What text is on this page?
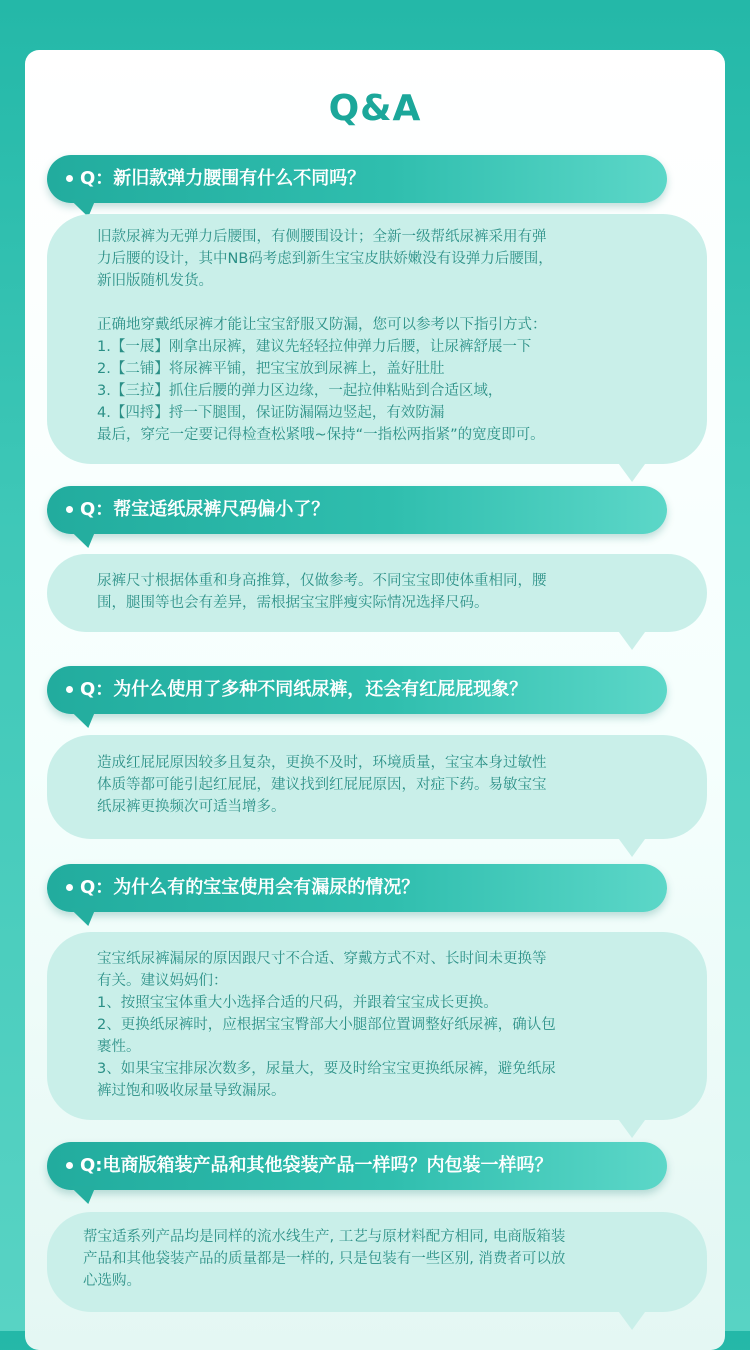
Q&A
Q：新旧款弹力腰围有什么不同吗？

旧款尿裤为无弹力后腰围，有侧腰围设计；全新一级帮纸尿裤采用有弹

力后腰的设计，其中NB码考虑到新生宝宝皮肤娇嫩没有设弹力后腰围，

新旧版随机发货。

正确地穿戴纸尿裤才能让宝宝舒服又防漏，您可以参考以下指引方式：

1.【一展】刚拿出尿裤，建议先轻轻拉伸弹力后腰，让尿裤舒展一下

2.【二铺】将尿裤平铺，把宝宝放到尿裤上，盖好肚肚

3.【三拉】抓住后腰的弹力区边缘，一起拉伸粘贴到合适区域，

4.【四捋】捋一下腿围，保证防漏隔边竖起，有效防漏

最后，穿完一定要记得检查松紧哦~保持“一指松两指紧”的宽度即可。

Q：帮宝适纸尿裤尺码偏小了？

尿裤尺寸根据体重和身高推算，仅做参考。不同宝宝即使体重相同，腰

围，腿围等也会有差异，需根据宝宝胖瘦实际情况选择尺码。

Q：为什么使用了多种不同纸尿裤，还会有红屁屁现象？

造成红屁屁原因较多且复杂，更换不及时，环境质量，宝宝本身过敏性

体质等都可能引起红屁屁，建议找到红屁屁原因，对症下药。易敏宝宝

纸尿裤更换频次可适当增多。

Q：为什么有的宝宝使用会有漏尿的情况？

宝宝纸尿裤漏尿的原因跟尺寸不合适、穿戴方式不对、长时间未更换等

有关。建议妈妈们：

1、按照宝宝体重大小选择合适的尺码，并跟着宝宝成长更换。

2、更换纸尿裤时，应根据宝宝臀部大小腿部位置调整好纸尿裤，确认包

裹性。

3、如果宝宝排尿次数多，尿量大，要及时给宝宝更换纸尿裤，避免纸尿

裤过饱和吸收尿量导致漏尿。

Q:电商版箱装产品和其他袋装产品一样吗？内包装一样吗？

帮宝适系列产品均是同样的流水线生产, 工艺与原材料配方相同, 电商版箱装

产品和其他袋装产品的质量都是一样的, 只是包装有一些区别, 消费者可以放

心选购。
